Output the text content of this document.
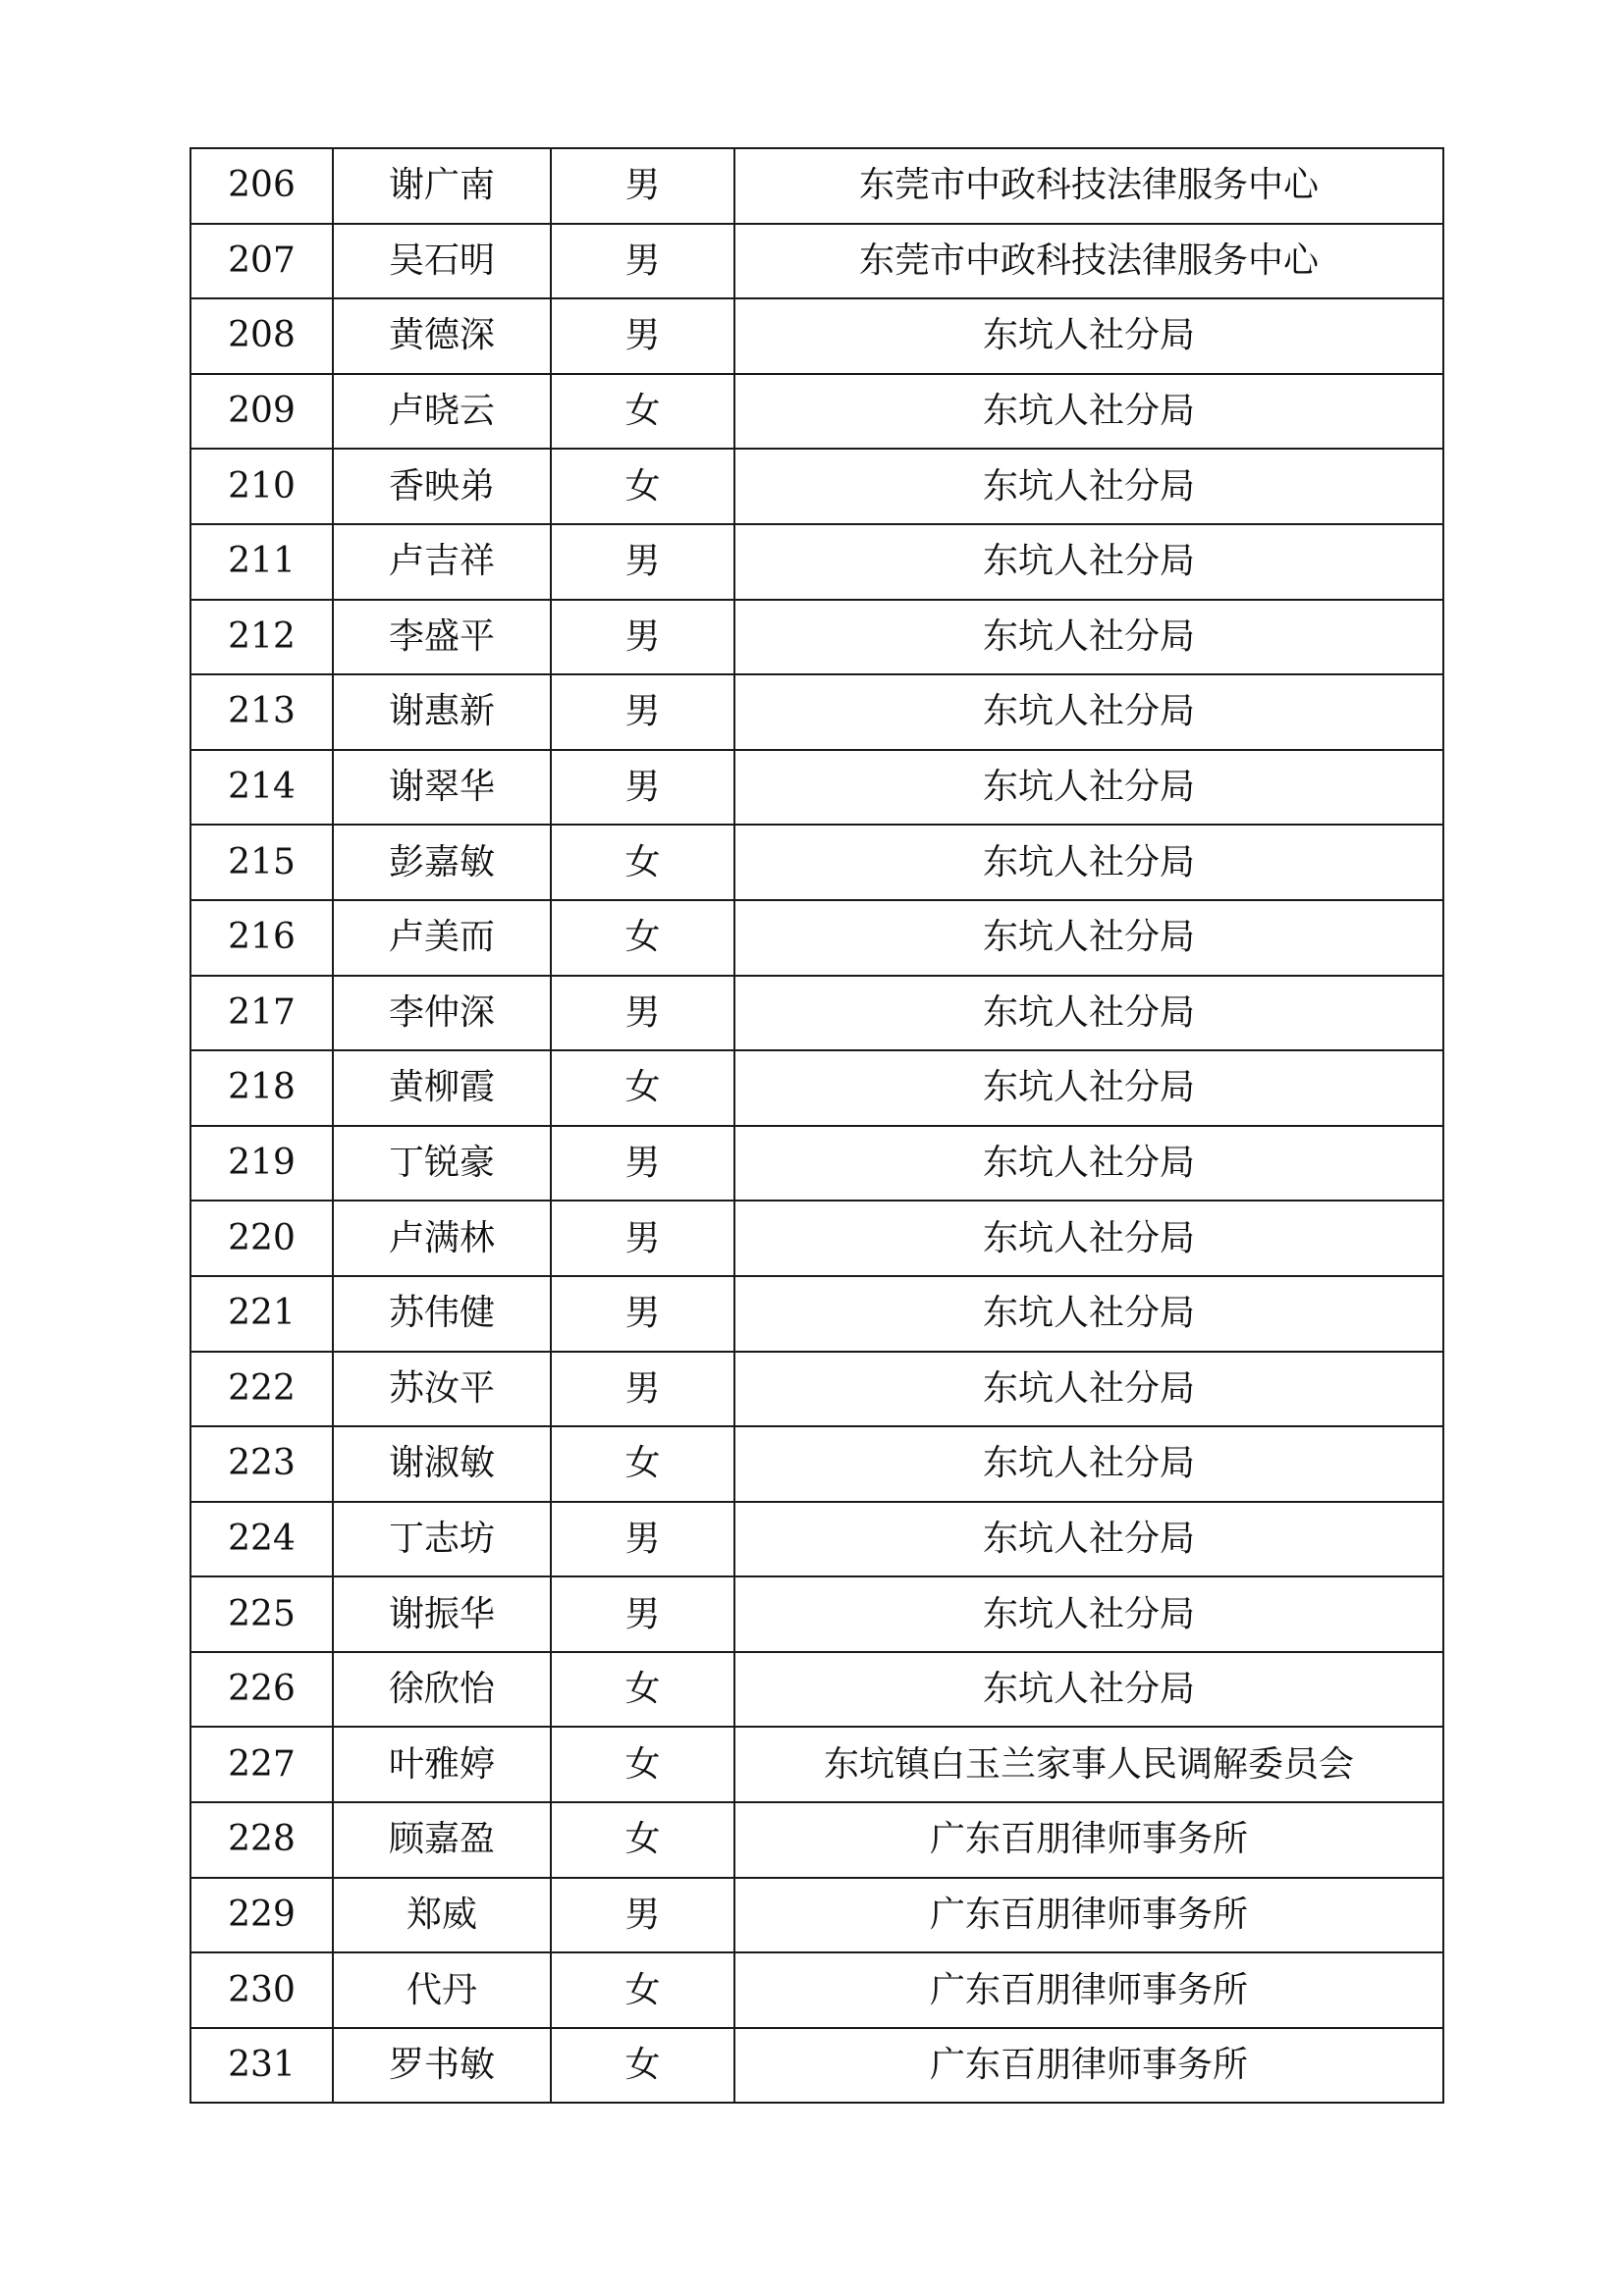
206	谢广南	男	东莞市中政科技法律服务中心
207	吴石明	男	东莞市中政科技法律服务中心
208	黄德深	男	东坑人社分局
209	卢晓云	女	东坑人社分局
210	香映弟	女	东坑人社分局
211	卢吉祥	男	东坑人社分局
212	李盛平	男	东坑人社分局
213	谢惠新	男	东坑人社分局
214	谢翠华	男	东坑人社分局
215	彭嘉敏	女	东坑人社分局
216	卢美而	女	东坑人社分局
217	李仲深	男	东坑人社分局
218	黄柳霞	女	东坑人社分局
219	丁锐豪	男	东坑人社分局
220	卢满林	男	东坑人社分局
221	苏伟健	男	东坑人社分局
222	苏汝平	男	东坑人社分局
223	谢淑敏	女	东坑人社分局
224	丁志坊	男	东坑人社分局
225	谢振华	男	东坑人社分局
226	徐欣怡	女	东坑人社分局
227	叶雅婷	女	东坑镇白玉兰家事人民调解委员会
228	顾嘉盈	女	广东百朋律师事务所
229	郑威	男	广东百朋律师事务所
230	代丹	女	广东百朋律师事务所
231	罗书敏	女	广东百朋律师事务所
